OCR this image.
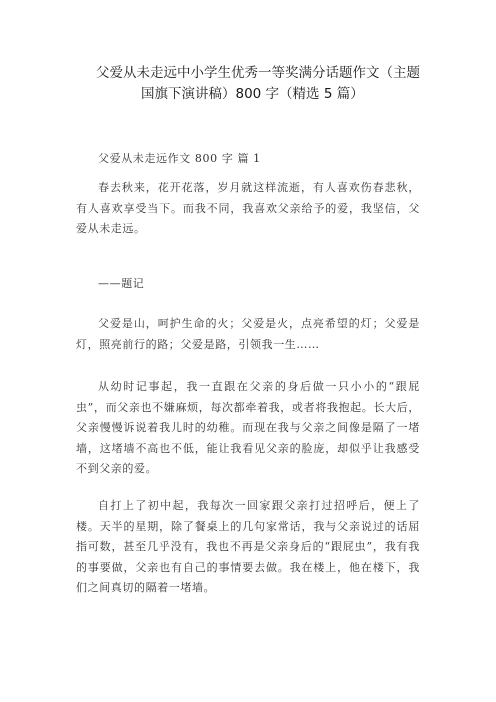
父爱从未走远中小学生优秀一等奖满分话题作文（主题
国旗下演讲稿）800 字（精选 5 篇）

父爱从未走远作文 800 字 篇 1

春去秋来，花开花落，岁月就这样流逝，有人喜欢伤春悲秋，有人喜欢享受当下。而我不同，我喜欢父亲给予的爱，我坚信，父爱从未走远。

——题记

父爱是山，呵护生命的火；父爱是火，点亮希望的灯；父爱是灯，照亮前行的路；父爱是路，引领我一生……

从幼时记事起，我一直跟在父亲的身后做一只小小的“跟屁虫”，而父亲也不嫌麻烦，每次都牵着我，或者将我抱起。长大后，父亲慢慢诉说着我儿时的幼稚。而现在我与父亲之间像是隔了一堵墙，这堵墙不高也不低，能让我看见父亲的脸庞，却似乎让我感受不到父亲的爱。

自打上了初中起，我每次一回家跟父亲打过招呼后，便上了楼。天半的星期，除了餐桌上的几句家常话，我与父亲说过的话屈指可数，甚至几乎没有，我也不再是父亲身后的“跟屁虫”，我有我的事要做，父亲也有自己的事情要去做。我在楼上，他在楼下，我们之间真切的隔着一堵墙。
